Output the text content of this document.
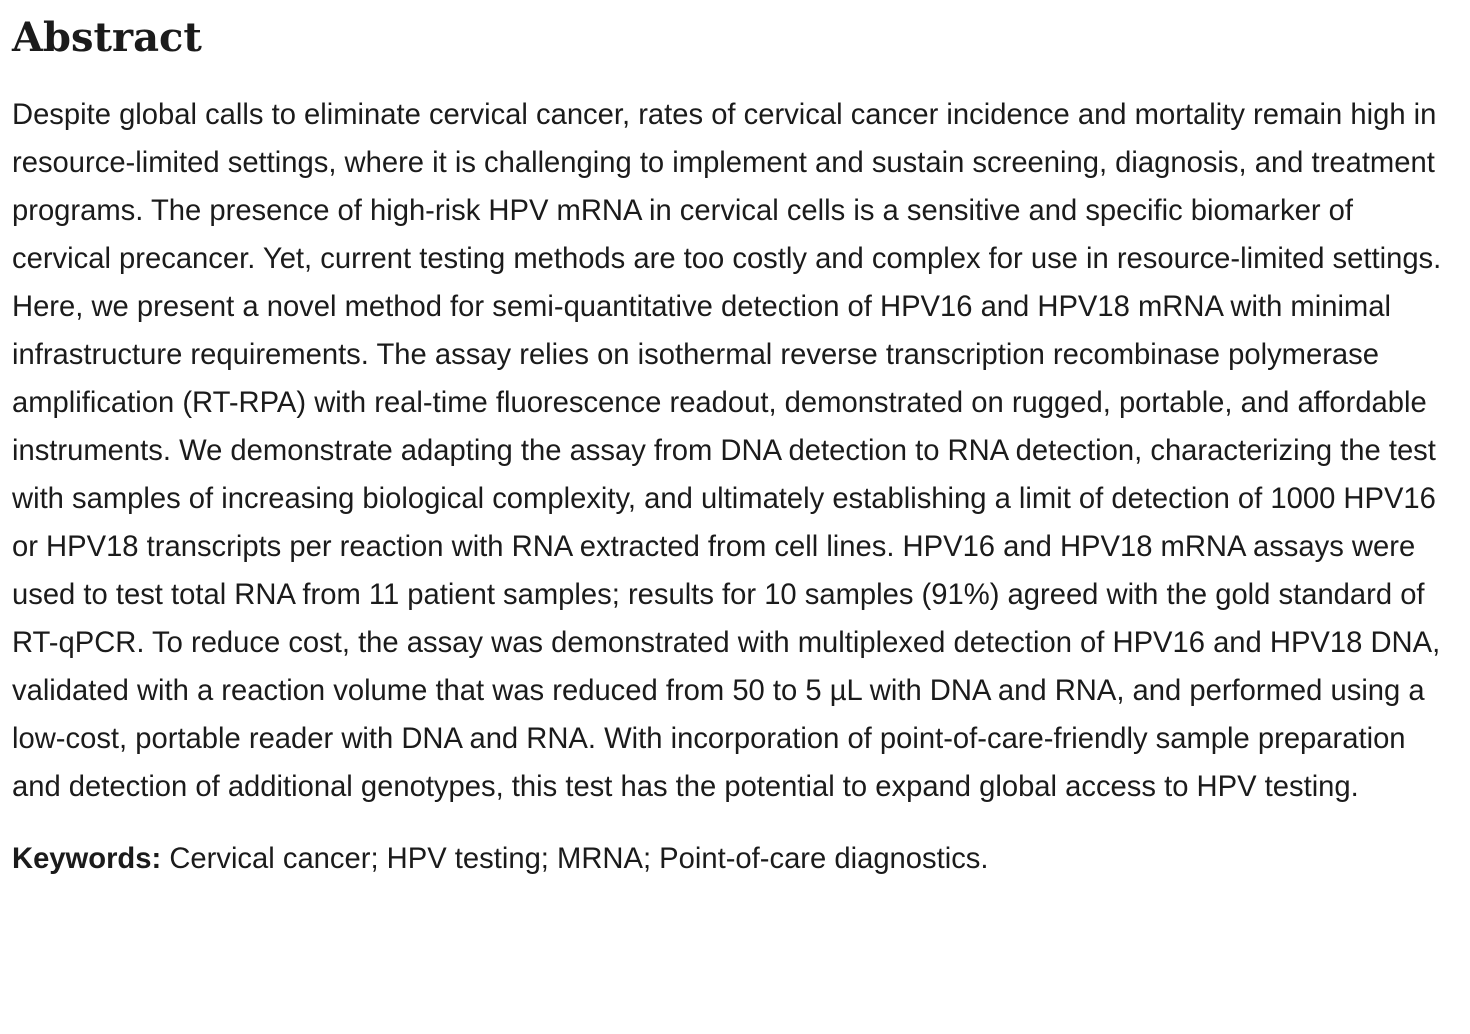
Abstract

Despite global calls to eliminate cervical cancer, rates of cervical cancer incidence and mortality remain high in resource-limited settings, where it is challenging to implement and sustain screening, diagnosis, and treatment programs. The presence of high-risk HPV mRNA in cervical cells is a sensitive and specific biomarker of cervical precancer. Yet, current testing methods are too costly and complex for use in resource-limited settings. Here, we present a novel method for semi-quantitative detection of HPV16 and HPV18 mRNA with minimal infrastructure requirements. The assay relies on isothermal reverse transcription recombinase polymerase amplification (RT-RPA) with real-time fluorescence readout, demonstrated on rugged, portable, and affordable instruments. We demonstrate adapting the assay from DNA detection to RNA detection, characterizing the test with samples of increasing biological complexity, and ultimately establishing a limit of detection of 1000 HPV16 or HPV18 transcripts per reaction with RNA extracted from cell lines. HPV16 and HPV18 mRNA assays were used to test total RNA from 11 patient samples; results for 10 samples (91%) agreed with the gold standard of RT-qPCR. To reduce cost, the assay was demonstrated with multiplexed detection of HPV16 and HPV18 DNA, validated with a reaction volume that was reduced from 50 to 5 µL with DNA and RNA, and performed using a low-cost, portable reader with DNA and RNA. With incorporation of point-of-care-friendly sample preparation and detection of additional genotypes, this test has the potential to expand global access to HPV testing.

Keywords: Cervical cancer; HPV testing; MRNA; Point-of-care diagnostics.
